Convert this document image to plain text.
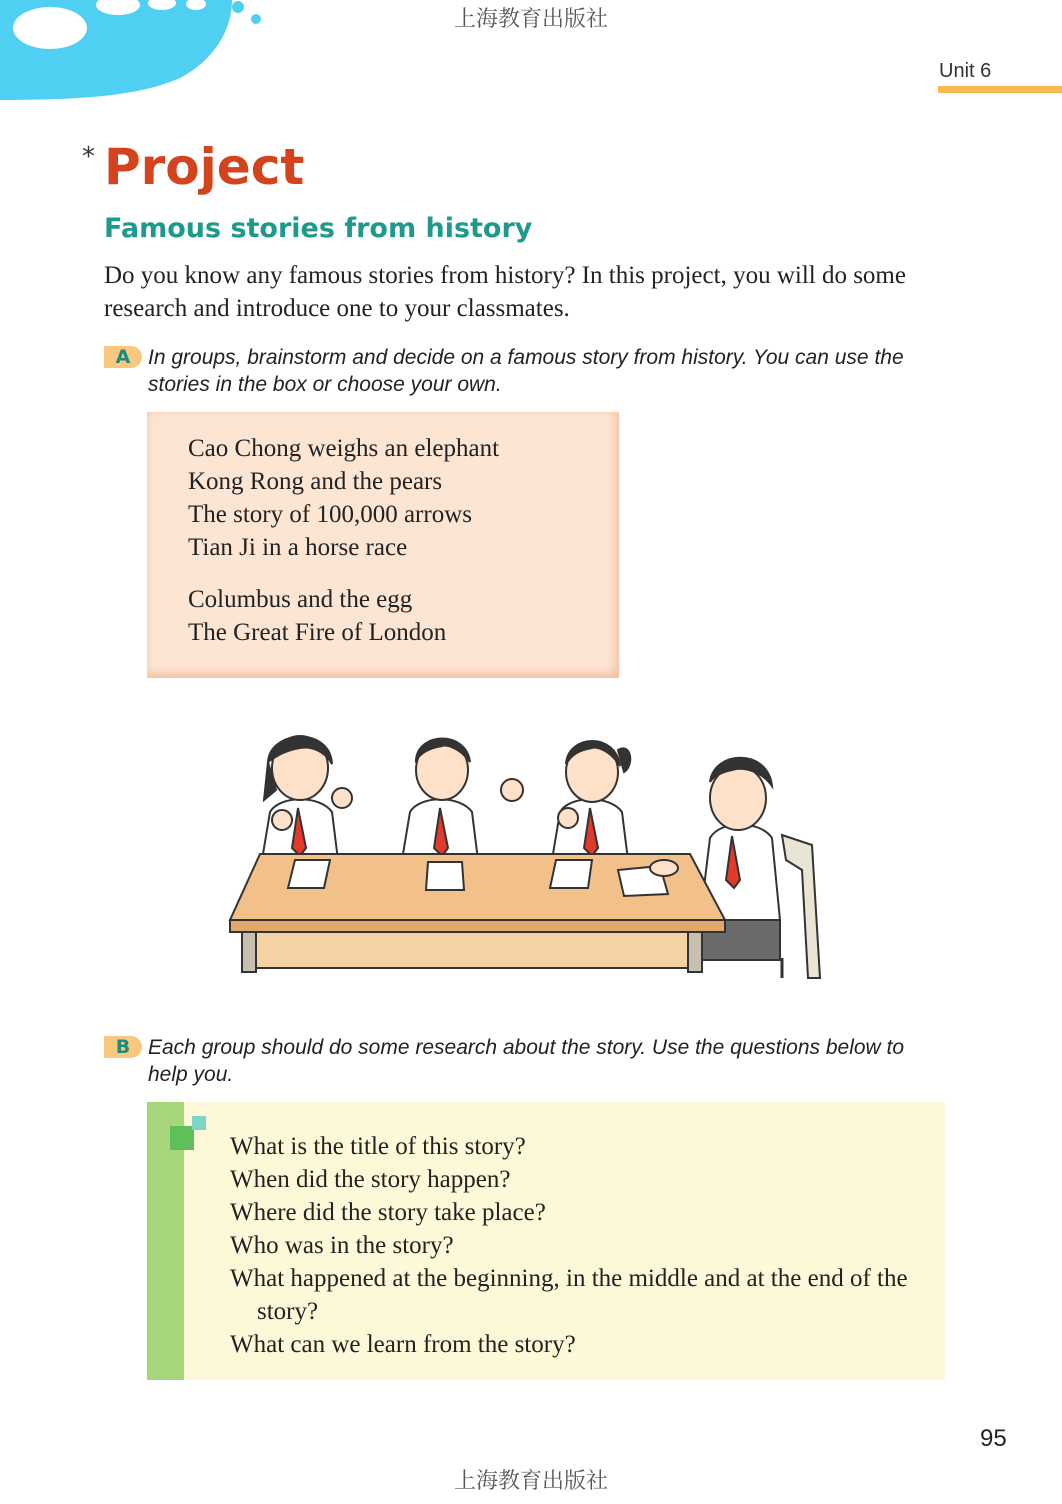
上海教育出版社
Unit 6
* Project
Famous stories from history
Do you know any famous stories from history? In this project, you will do some research and introduce one to your classmates.
A In groups, brainstorm and decide on a famous story from history. You can use the stories in the box or choose your own.
Cao Chong weighs an elephant
Kong Rong and the pears
The story of 100,000 arrows
Tian Ji in a horse race
Columbus and the egg
The Great Fire of London
B Each group should do some research about the story. Use the questions below to help you.
What is the title of this story?
When did the story happen?
Where did the story take place?
Who was in the story?
What happened at the beginning, in the middle and at the end of the story?
What can we learn from the story?
95
上海教育出版社
